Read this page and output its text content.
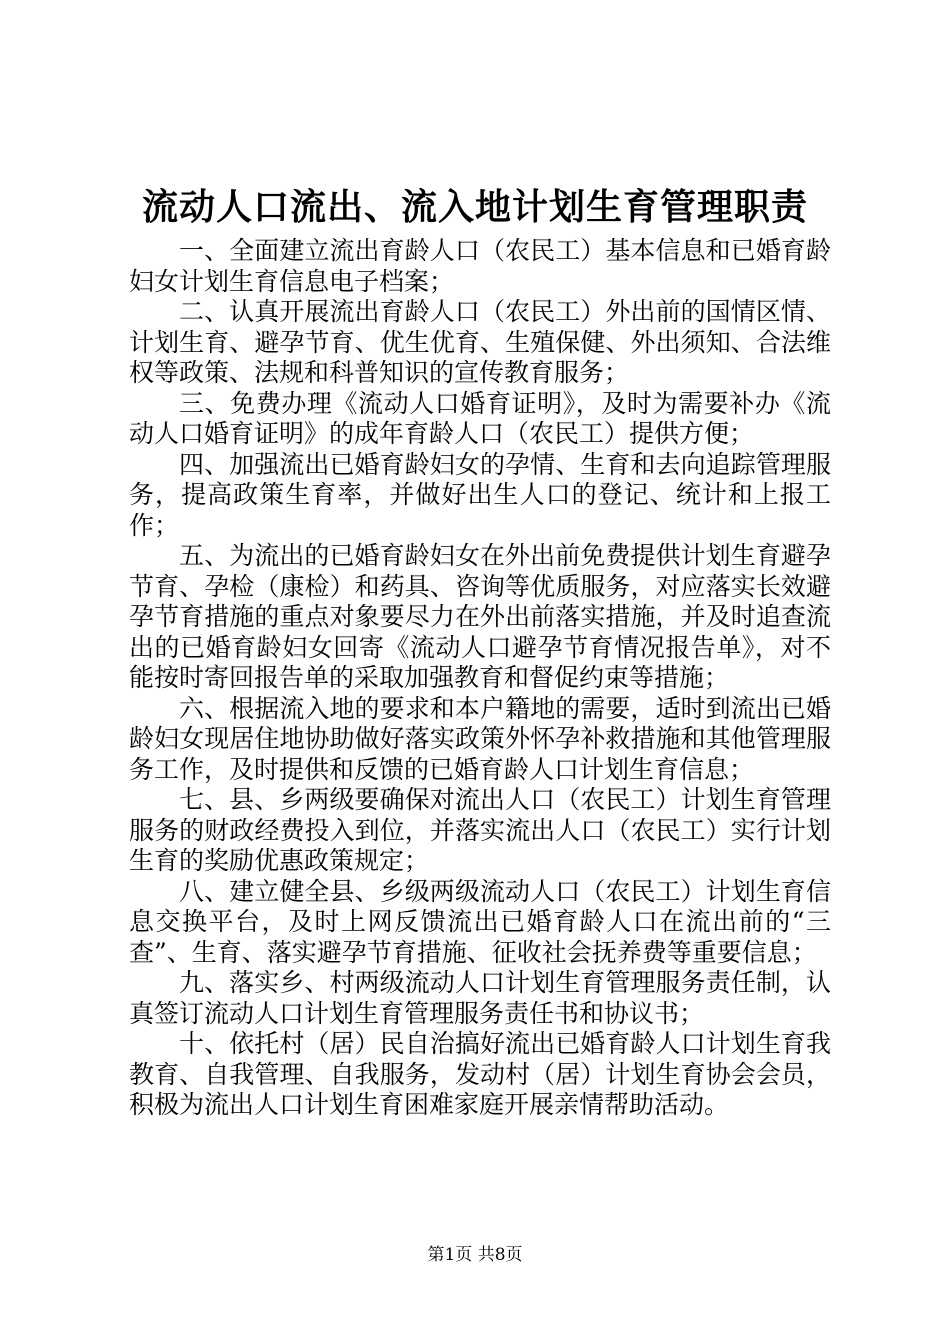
流动人口流出、流入地计划生育管理职责

一、全面建立流出育龄人口（农民工）基本信息和已婚育龄妇女计划生育信息电子档案；

二、认真开展流出育龄人口（农民工）外出前的国情区情、计划生育、避孕节育、优生优育、生殖保健、外出须知、合法维权等政策、法规和科普知识的宣传教育服务；

三、免费办理《流动人口婚育证明》，及时为需要补办《流动人口婚育证明》的成年育龄人口（农民工）提供方便；

四、加强流出已婚育龄妇女的孕情、生育和去向追踪管理服务，提高政策生育率，并做好出生人口的登记、统计和上报工作；

五、为流出的已婚育龄妇女在外出前免费提供计划生育避孕节育、孕检（康检）和药具、咨询等优质服务，对应落实长效避孕节育措施的重点对象要尽力在外出前落实措施，并及时追查流出的已婚育龄妇女回寄《流动人口避孕节育情况报告单》，对不能按时寄回报告单的采取加强教育和督促约束等措施；

六、根据流入地的要求和本户籍地的需要，适时到流出已婚龄妇女现居住地协助做好落实政策外怀孕补救措施和其他管理服务工作，及时提供和反馈的已婚育龄人口计划生育信息；

七、县、乡两级要确保对流出人口（农民工）计划生育管理服务的财政经费投入到位，并落实流出人口（农民工）实行计划生育的奖励优惠政策规定；

八、建立健全县、乡级两级流动人口（农民工）计划生育信息交换平台，及时上网反馈流出已婚育龄人口在流出前的“三查”、生育、落实避孕节育措施、征收社会抚养费等重要信息；

九、落实乡、村两级流动人口计划生育管理服务责任制，认真签订流动人口计划生育管理服务责任书和协议书；

十、依托村（居）民自治搞好流出已婚育龄人口计划生育我教育、自我管理、自我服务，发动村（居）计划生育协会会员，积极为流出人口计划生育困难家庭开展亲情帮助活动。

第1页 共8页
